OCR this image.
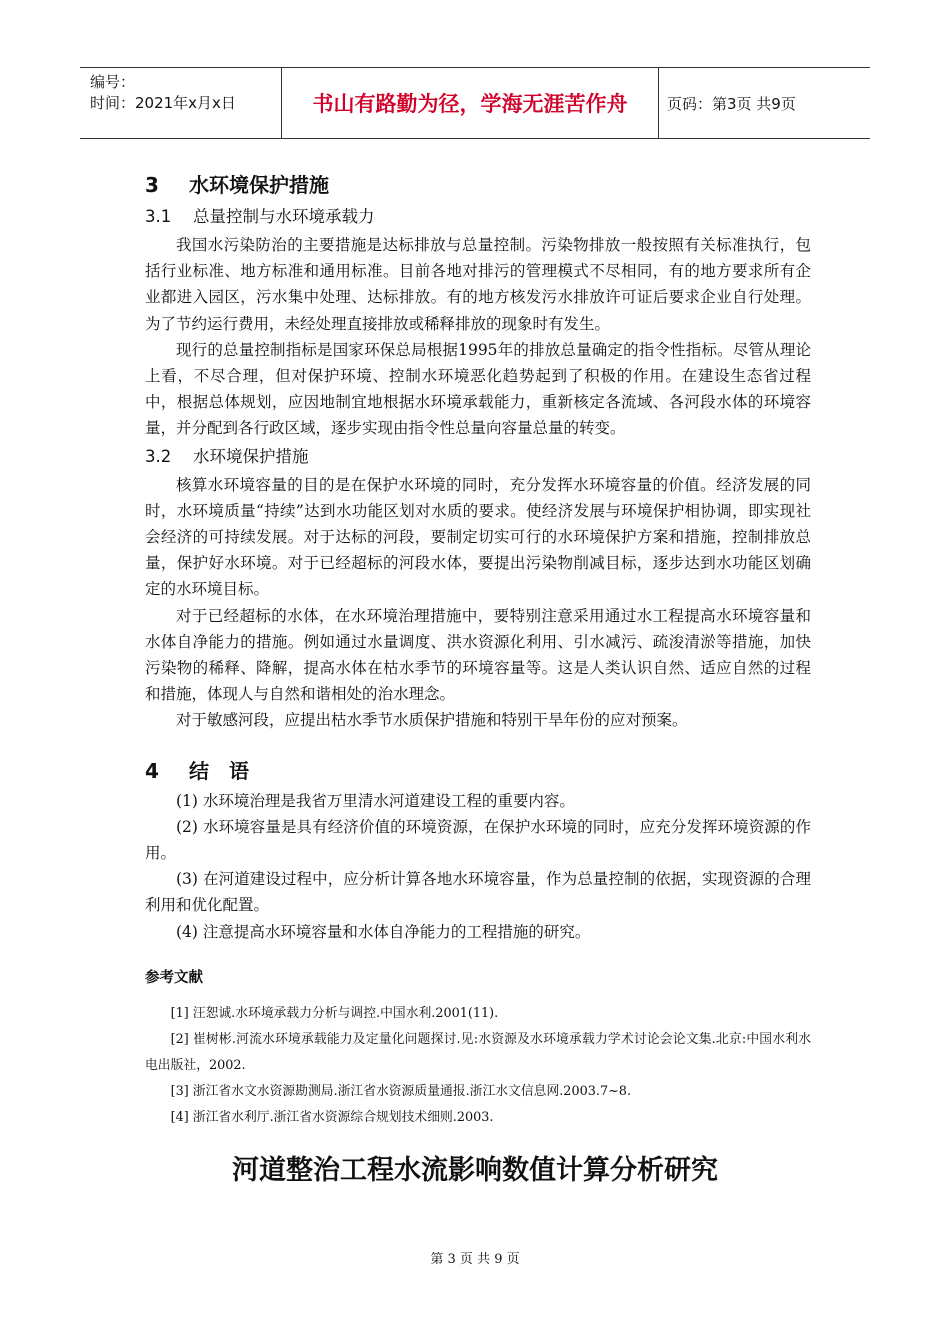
编号：
时间：2021年x月x日	书山有路勤为径，学海无涯苦作舟	页码：第3页 共9页
3 水环境保护措施
3.1 总量控制与水环境承载力

我国水污染防治的主要措施是达标排放与总量控制。污染物排放一般按照有关标准执行，包括行业标准、地方标准和通用标准。目前各地对排污的管理模式不尽相同，有的地方要求所有企业都进入园区，污水集中处理、达标排放。有的地方核发污水排放许可证后要求企业自行处理。为了节约运行费用，未经处理直接排放或稀释排放的现象时有发生。

现行的总量控制指标是国家环保总局根据1995年的排放总量确定的指令性指标。尽管从理论上看，不尽合理，但对保护环境、控制水环境恶化趋势起到了积极的作用。在建设生态省过程中，根据总体规划，应因地制宜地根据水环境承载能力，重新核定各流域、各河段水体的环境容量，并分配到各行政区域，逐步实现由指令性总量向容量总量的转变。

3.2 水环境保护措施

核算水环境容量的目的是在保护水环境的同时，充分发挥水环境容量的价值。经济发展的同时，水环境质量“持续”达到水功能区划对水质的要求。使经济发展与环境保护相协调，即实现社会经济的可持续发展。对于达标的河段，要制定切实可行的水环境保护方案和措施，控制排放总量，保护好水环境。对于已经超标的河段水体，要提出污染物削减目标，逐步达到水功能区划确定的水环境目标。

对于已经超标的水体，在水环境治理措施中，要特别注意采用通过水工程提高水环境容量和水体自净能力的措施。例如通过水量调度、洪水资源化利用、引水减污、疏浚清淤等措施，加快污染物的稀释、降解，提高水体在枯水季节的环境容量等。这是人类认识自然、适应自然的过程和措施，体现人与自然和谐相处的治水理念。

对于敏感河段，应提出枯水季节水质保护措施和特别干旱年份的应对预案。

4 结　语

(1) 水环境治理是我省万里清水河道建设工程的重要内容。

(2) 水环境容量是具有经济价值的环境资源，在保护水环境的同时，应充分发挥环境资源的作用。

(3) 在河道建设过程中，应分析计算各地水环境容量，作为总量控制的依据，实现资源的合理利用和优化配置。

(4) 注意提高水环境容量和水体自净能力的工程措施的研究。

参考文献

[1] 汪恕诚.水环境承载力分析与调控.中国水利.2001(11).

[2] 崔树彬.河流水环境承载能力及定量化问题探讨.见:水资源及水环境承载力学术讨论会论文集.北京:中国水利水电出版社，2002.

[3] 浙江省水文水资源勘测局.浙江省水资源质量通报.浙江水文信息网.2003.7~8.

[4] 浙江省水利厅.浙江省水资源综合规划技术细则.2003.

河道整治工程水流影响数值计算分析研究
第 3 页 共 9 页
